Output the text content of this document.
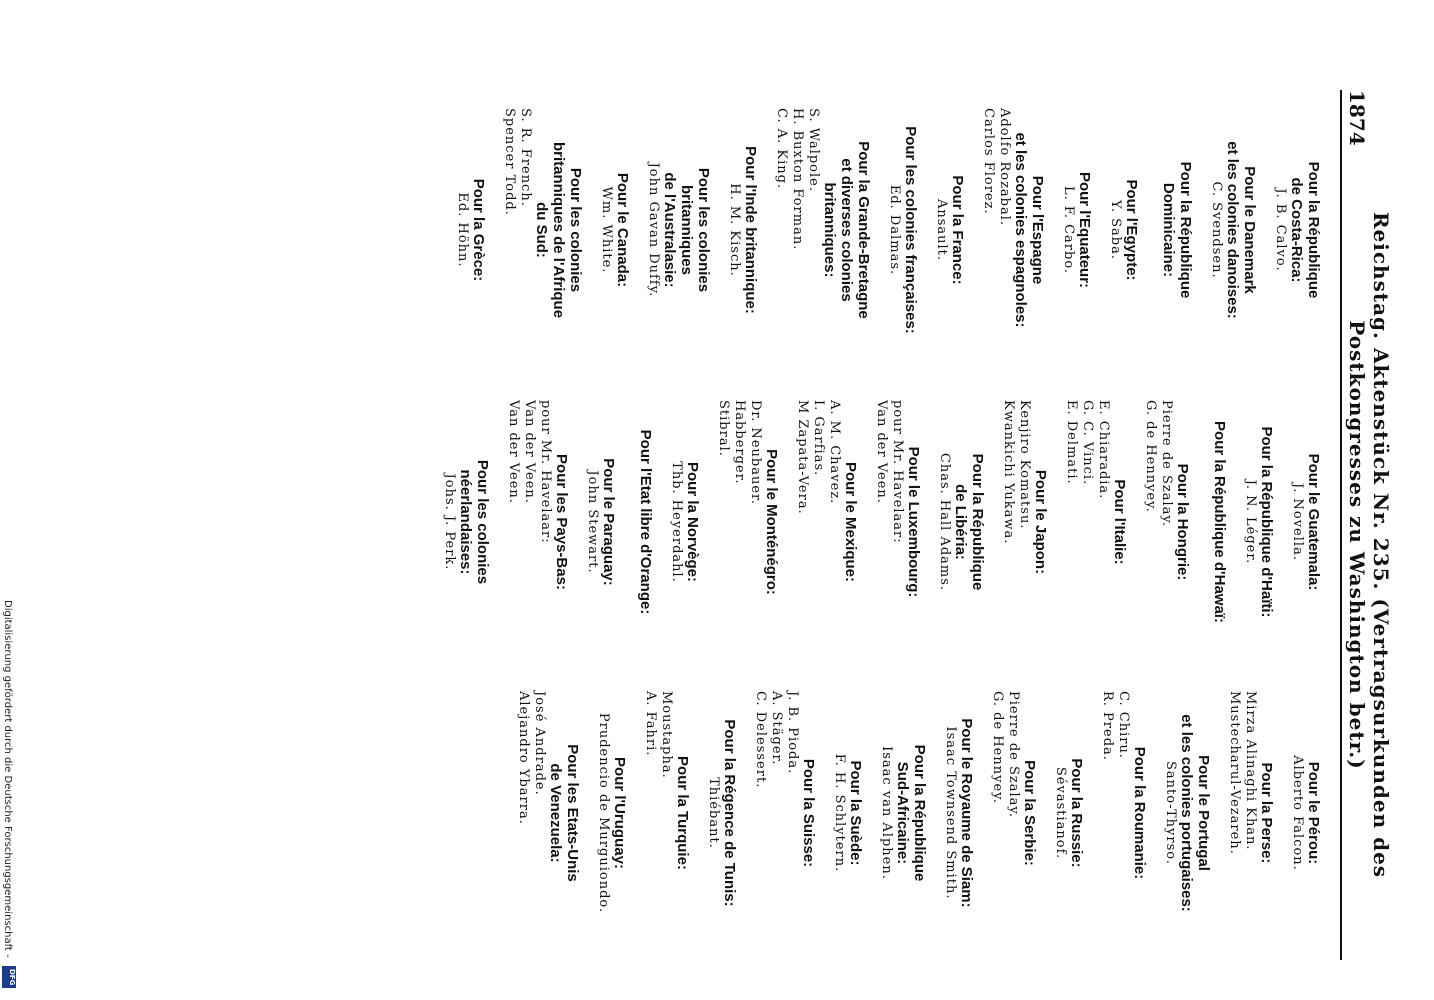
1874
Reichstag. Aktenstück Nr. 235. (Vertragsurkunden des Postkongresses zu Washington betr.)
Pour la République
de Costa-Rica:
J. B. Calvo.
Pour le Danemark
et les colonies danoises:
C. Svendsen.
Pour la République
Dominicaine:
Pour l'Egypte:
Y. Saba.
Pour l'Equateur:
L. F. Carbo.
Pour l'Espagne
et les colonies espagnoles:
Adolfo Rozabal.
Carlos Florez.
Pour la France:
Ansault.
Pour les colonies françaises:
Ed. Dalmas.
Pour la Grande-Bretagne
et diverses colonies
britanniques:
S. Walpole.
H. Buxton Forman.
C. A. King.
Pour l'Inde britannique:
H. M. Kisch.
Pour les colonies
britanniques
de l'Australasie:
John Gavan Duffy.
Pour le Canada:
Wm. White.
Pour les colonies
britanniques de l'Afrique
du Sud:
S. R. French.
Spencer Todd.
Pour la Grèce:
Ed. Höhn.
Pour le Guatemala:
J. Novella.
Pour la République d'Haïti:
J. N. Léger.
Pour la République d'Hawaï:
Pour la Hongrie:
Pierre de Szalay.
G. de Hennyey.
Pour l'Italie:
E. Chiaradia.
G. C. Vinci.
E. Delmati.
Pour le Japon:
Kenjiro Komatsu.
Kwankichi Yukawa.
Pour la République
de Libéria:
Chas. Hall Adams.
Pour le Luxembourg:
pour Mr. Havelaar:
Van der Veen.
Pour le Mexique:
A. M. Chavez.
I. Garfias.
M Zapata-Vera.
Pour le Monténégro:
Dr. Neubauer.
Habberger.
Stibral.
Pour la Norvège:
Thb. Heyerdahl.
Pour l'Etat libre d'Orange:
Pour le Paraguay:
John Stewart.
Pour les Pays-Bas:
pour Mr. Havelaar:
Van der Veen.
Van der Veen.
Pour les colonies
néerlandaises:
Johs. J. Perk.
Pour le Pérou:
Alberto Falcon.
Pour la Perse:
Mirza Alinaghi Khan.
Mustecharul-Vezareh.
Pour le Portugal
et les colonies portugaises:
Santo-Thyrso.
Pour la Roumanie:
C. Chiru.
R. Preda.
Pour la Russie:
Sévastianof.
Pour la Serbie:
Pierre de Szalay.
G. de Hennyey.
Pour le Royaume de Siam:
Isaac Townsend Smith.
Pour la République
Sud-Africaine:
Isaac van Alphen.
Pour la Suède:
F. H. Schlytern.
Pour la Suisse:
J. B. Pioda.
A. Stäger.
C. Delessert.
Pour la Régence de Tunis:
Thiébant.
Pour la Turquie:
Moustapha.
A. Fahri.
Pour l'Uruguay:
Prudencio de Murguiondo.
Pour les Etats-Unis
de Venezuela:
José Andrade.
Alejandro Ybarra.
Digitalisierung gefördert durch die Deutsche Forschungsgemeinschaft -
DFG
